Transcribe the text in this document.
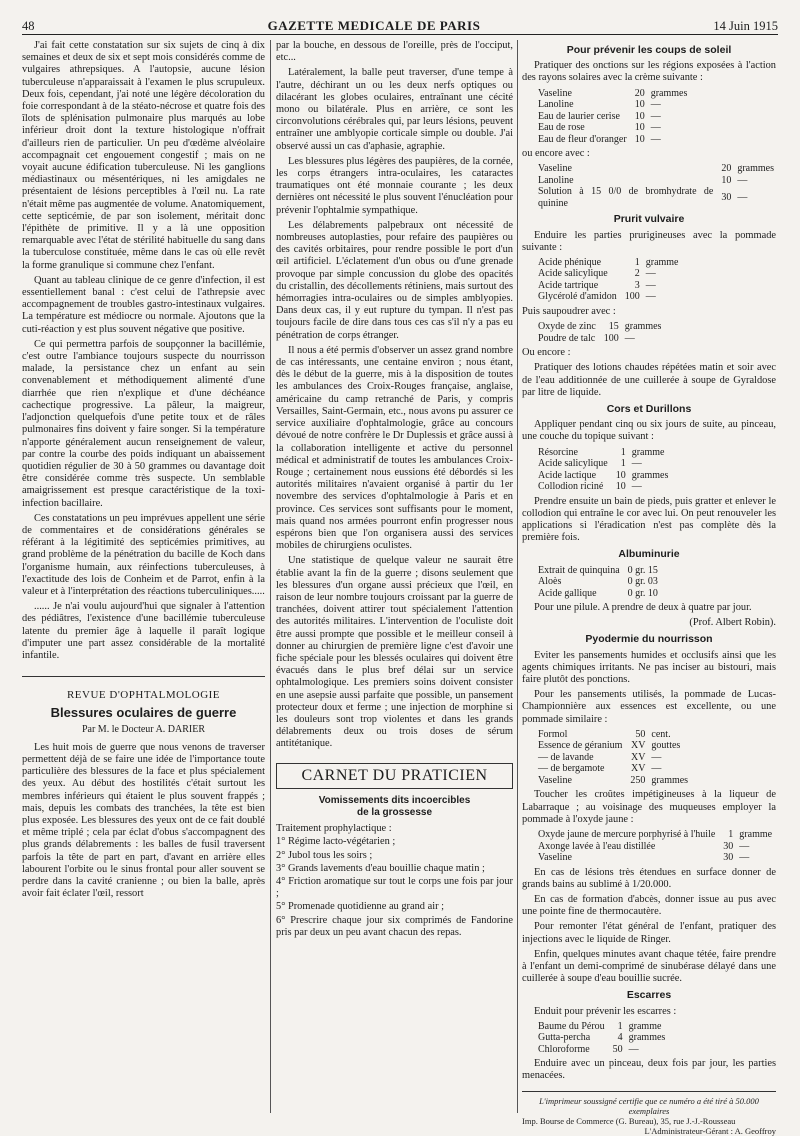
48	GAZETTE MEDICALE DE PARIS	14 Juin 1915

J'ai fait cette constatation sur six sujets de cinq à dix semaines et deux de six et sept mois considérés comme de vulgaires athrepsiques. A l'autopsie, aucune lésion tuberculeuse n'apparaissait à l'examen le plus scrupuleux. Deux fois, cependant, j'ai noté une légère décoloration du foie correspondant à de la stéato-nécrose et quatre fois des îlots de splénisation pulmonaire plus marqués au lobe inférieur droit dont la texture histologique n'offrait d'ailleurs rien de particulier. Un peu d'œdème alvéolaire accompagnait cet engouement congestif ; mais on ne voyait aucune édification tuberculeuse. Ni les ganglions médiastinaux ou mésentériques, ni les amigdales ne présentaient de lésions perceptibles à l'œil nu. La rate n'était même pas augmentée de volume. Anatomiquement, cette septicémie, de par son isolement, méritait donc l'épithète de primitive. Il y a là une opposition remarquable avec l'état de stérilité habituelle du sang dans la tuberculose constituée, même dans le cas où elle revêt la forme granulique si commune chez l'enfant.

Quant au tableau clinique de ce genre d'infection, il est essentiellement banal : c'est celui de l'athrepsie avec accompagnement de troubles gastro-intestinaux vulgaires. La température est médiocre ou normale. Ajoutons que la cuti-réaction y est plus souvent négative que positive.

Ce qui permettra parfois de soupçonner la bacillémie, c'est outre l'ambiance toujours suspecte du nourrisson malade, la persistance chez un enfant au sein convenablement et méthodiquement alimenté d'une diarrhée que rien n'explique et d'une déchéance cachectique progressive. La pâleur, la maigreur, l'adjonction quelquefois d'une petite toux et de râles pulmonaires fins doivent y faire songer. Si la température n'apporte généralement aucun renseignement de valeur, par contre la courbe des poids indiquant un abaissement quotidien régulier de 30 à 50 grammes ou davantage doit être considérée comme très suspecte. Un semblable amaigrissement est presque caractéristique de la toxi-infection bacillaire.

Ces constatations un peu imprévues appellent une série de commentaires et de considérations générales se référant à la légitimité des septicémies primitives, au grand problème de la pénétration du bacille de Koch dans l'organisme humain, aux réinfections tuberculeuses, à l'exactitude des lois de Conheim et de Parrot, enfin à la valeur et à l'interprétation des réactions tuberculiniques.....

...... Je n'ai voulu aujourd'hui que signaler à l'attention des pédiâtres, l'existence d'une bacillémie tuberculeuse latente du premier âge à laquelle il paraît logique d'imputer une part assez considérable de la mortalité infantile.

REVUE D'OPHTALMOLOGIE
Blessures oculaires de guerre
Par M. le Docteur A. DARIER

Les huit mois de guerre que nous venons de traverser permettent déjà de se faire une idée de l'importance toute particulière des blessures de la face et plus spécialement des yeux. Au début des hostilités c'était surtout les membres inférieurs qui étaient le plus souvent frappés ; mais, depuis les combats des tranchées, la tête est bien plus exposée. Les blessures des yeux ont de ce fait doublé et même triplé ; cela par éclat d'obus s'accompagnent des plus grands délabrements : les balles de fusil traversent parfois la tête de part en part, d'avant en arrière elles labourent l'orbite ou le sinus frontal pour aller souvent se perdre dans la cavité cranienne ; ou bien la balle, après avoir fait éclater l'œil, ressort

par la bouche, en dessous de l'oreille, près de l'occiput, etc...

Latéralement, la balle peut traverser, d'une tempe à l'autre, déchirant un ou les deux nerfs optiques ou dilacérant les globes oculaires, entraînant une cécité mono ou bilatérale. Plus en arrière, ce sont les circonvolutions cérébrales qui, par leurs lésions, peuvent entraîner une amblyopie corticale simple ou double. J'ai observé aussi un cas d'aphasie, agraphie.

Les blessures plus légères des paupières, de la cornée, les corps étrangers intra-oculaires, les cataractes traumatiques ont été monnaie courante ; les deux dernières ont nécessité le plus souvent l'énucléation pour prévenir l'ophtalmie sympathique.

Les délabrements palpebraux ont nécessité de nombreuses autoplasties, pour refaire des paupières ou des cavités orbitaires, pour rendre possible le port d'un œil artificiel. L'éclatement d'un obus ou d'une grenade provoque par simple concussion du globe des opacités du cristallin, des décollements rétiniens, mais surtout des hémorragies intra-oculaires ou de simples amblyopies. Dans deux cas, il y eut rupture du tympan. Il n'est pas toujours facile de dire dans tous ces cas s'il n'y a pas eu pénétration de corps étranger.

Il nous a été permis d'observer un assez grand nombre de cas intéressants, une centaine environ ; nous étant, dès le début de la guerre, mis à la disposition de toutes les ambulances des Croix-Rouges française, anglaise, américaine du camp retranché de Paris, y compris Versailles, Saint-Germain, etc., nous avons pu assurer ce service auxiliaire d'ophtalmologie, grâce au concours dévoué de notre confrère le Dr Duplessis et grâce aussi à la collaboration intelligente et active du personnel médical et administratif de toutes les ambulances Croix-Rouge ; certainement nous eussions été débordés si les autorités militaires n'avaient organisé à partir du 1er novembre des services d'ophtalmologie à Paris et en province. Ces services sont suffisants pour le moment, mais quand nos armées pourront enfin progresser nous espérons bien que l'on organisera aussi des services mobiles de chirurgiens oculistes.

Une statistique de quelque valeur ne saurait être établie avant la fin de la guerre ; disons seulement que les blessures d'un organe aussi précieux que l'œil, en raison de leur nombre toujours croissant par la guerre de tranchées, doivent attirer tout spécialement l'attention des autorités militaires. L'intervention de l'oculiste doit être aussi prompte que possible et le meilleur conseil à donner au chirurgien de première ligne c'est d'avoir une fiche spéciale pour les blessés oculaires qui doivent être évacués dans le plus bref délai sur un service ophtalmologique. Les premiers soins doivent consister en une asepsie aussi parfaite que possible, un pansement protecteur doux et ferme ; une injection de morphine si les douleurs sont trop violentes et dans les grands délabrements deux ou trois doses de sérum antitétanique.

CARNET DU PRATICIEN
Vomissements dits incoercibles
de la grossesse
Traitement prophylactique :
1° Régime lacto-végétarien ;
2° Jubol tous les soirs ;
3° Grands lavements d'eau bouillie chaque matin ;
4° Friction aromatique sur tout le corps une fois par jour ;
5° Promenade quotidienne au grand air ;
6° Prescrire chaque jour six comprimés de Fandorine pris par deux un peu avant chacun des repas.
Pour prévenir les coups de soleil

Pratiquer des onctions sur les régions exposées à l'action des rayons solaires avec la crème suivante :

Vaseline	20	grammes
Lanoline	10	—
Eau de laurier cerise	10	—
Eau de rose	10	—
Eau de fleur d'oranger	10	—

ou encore avec :

Vaseline	20	grammes
Lanoline	10	—
Solution à 15 0/0 de bromhydrate de quinine	30	—
Prurit vulvaire

Enduire les parties prurigineuses avec la pommade suivante :

Acide phénique	1	gramme
Acide salicylique	2	—
Acide tartrique	3	—
Glycérolé d'amidon	100	—

Puis saupoudrer avec :

Oxyde de zinc	15	grammes
Poudre de talc	100	—

Ou encore :

Pratiquer des lotions chaudes répétées matin et soir avec de l'eau additionnée de une cuillerée à soupe de Gyraldose par litre de liquide.

Cors et Durillons

Appliquer pendant cinq ou six jours de suite, au pinceau, une couche du topique suivant :

Résorcine	1	gramme
Acide salicylique	1	—
Acide lactique	10	grammes
Collodion riciné	10	—

Prendre ensuite un bain de pieds, puis gratter et enlever le collodion qui entraîne le cor avec lui. On peut renouveler les applications si l'éradication n'est pas complète dès la première fois.

Albuminurie
Extrait de quinquina	0 gr. 15	
Aloès	0 gr. 03	
Acide gallique	0 gr. 10	

Pour une pilule. A prendre de deux à quatre par jour.

(Prof. Albert Robin).
Pyodermie du nourrisson

Eviter les pansements humides et occlusifs ainsi que les agents chimiques irritants. Ne pas inciser au bistouri, mais faire plutôt des ponctions.

Pour les pansements utilisés, la pommade de Lucas-Championnière aux essences est excellente, ou une pommade similaire :

Formol	50	cent.
Essence de géranium	XV	gouttes
— de lavande	XV	—
— de bergamote	XV	—
Vaseline	250	grammes

Toucher les croûtes impétigineuses à la liqueur de Labarraque ; au voisinage des muqueuses employer la pommade à l'oxyde jaune :

Oxyde jaune de mercure porphyrisé à l'huile	1	gramme
Axonge lavée à l'eau distillée	30	—
Vaseline	30	—

En cas de lésions très étendues en surface donner de grands bains au sublimé à 1/20.000.

En cas de formation d'abcès, donner issue au pus avec une pointe fine de thermocautère.

Pour remonter l'état général de l'enfant, pratiquer des injections avec le liquide de Ringer.

Enfin, quelques minutes avant chaque tétée, faire prendre à l'enfant un demi-comprimé de sinubérase délayé dans une cuillerée à soupe d'eau bouillie sucrée.

Escarres

Enduit pour prévenir les escarres :

Baume du Pérou	1	gramme
Gutta-percha	4	grammes
Chloroforme	50	—

Enduire avec un pinceau, deux fois par jour, les parties menacées.

L'imprimeur soussigné certifie que ce numéro a été tiré à 50.000 exemplaires
Imp. Bourse de Commerce (G. Bureau), 35, rue J.-J.-Rousseau
L'Administrateur-Gérant : A. Geoffroy
